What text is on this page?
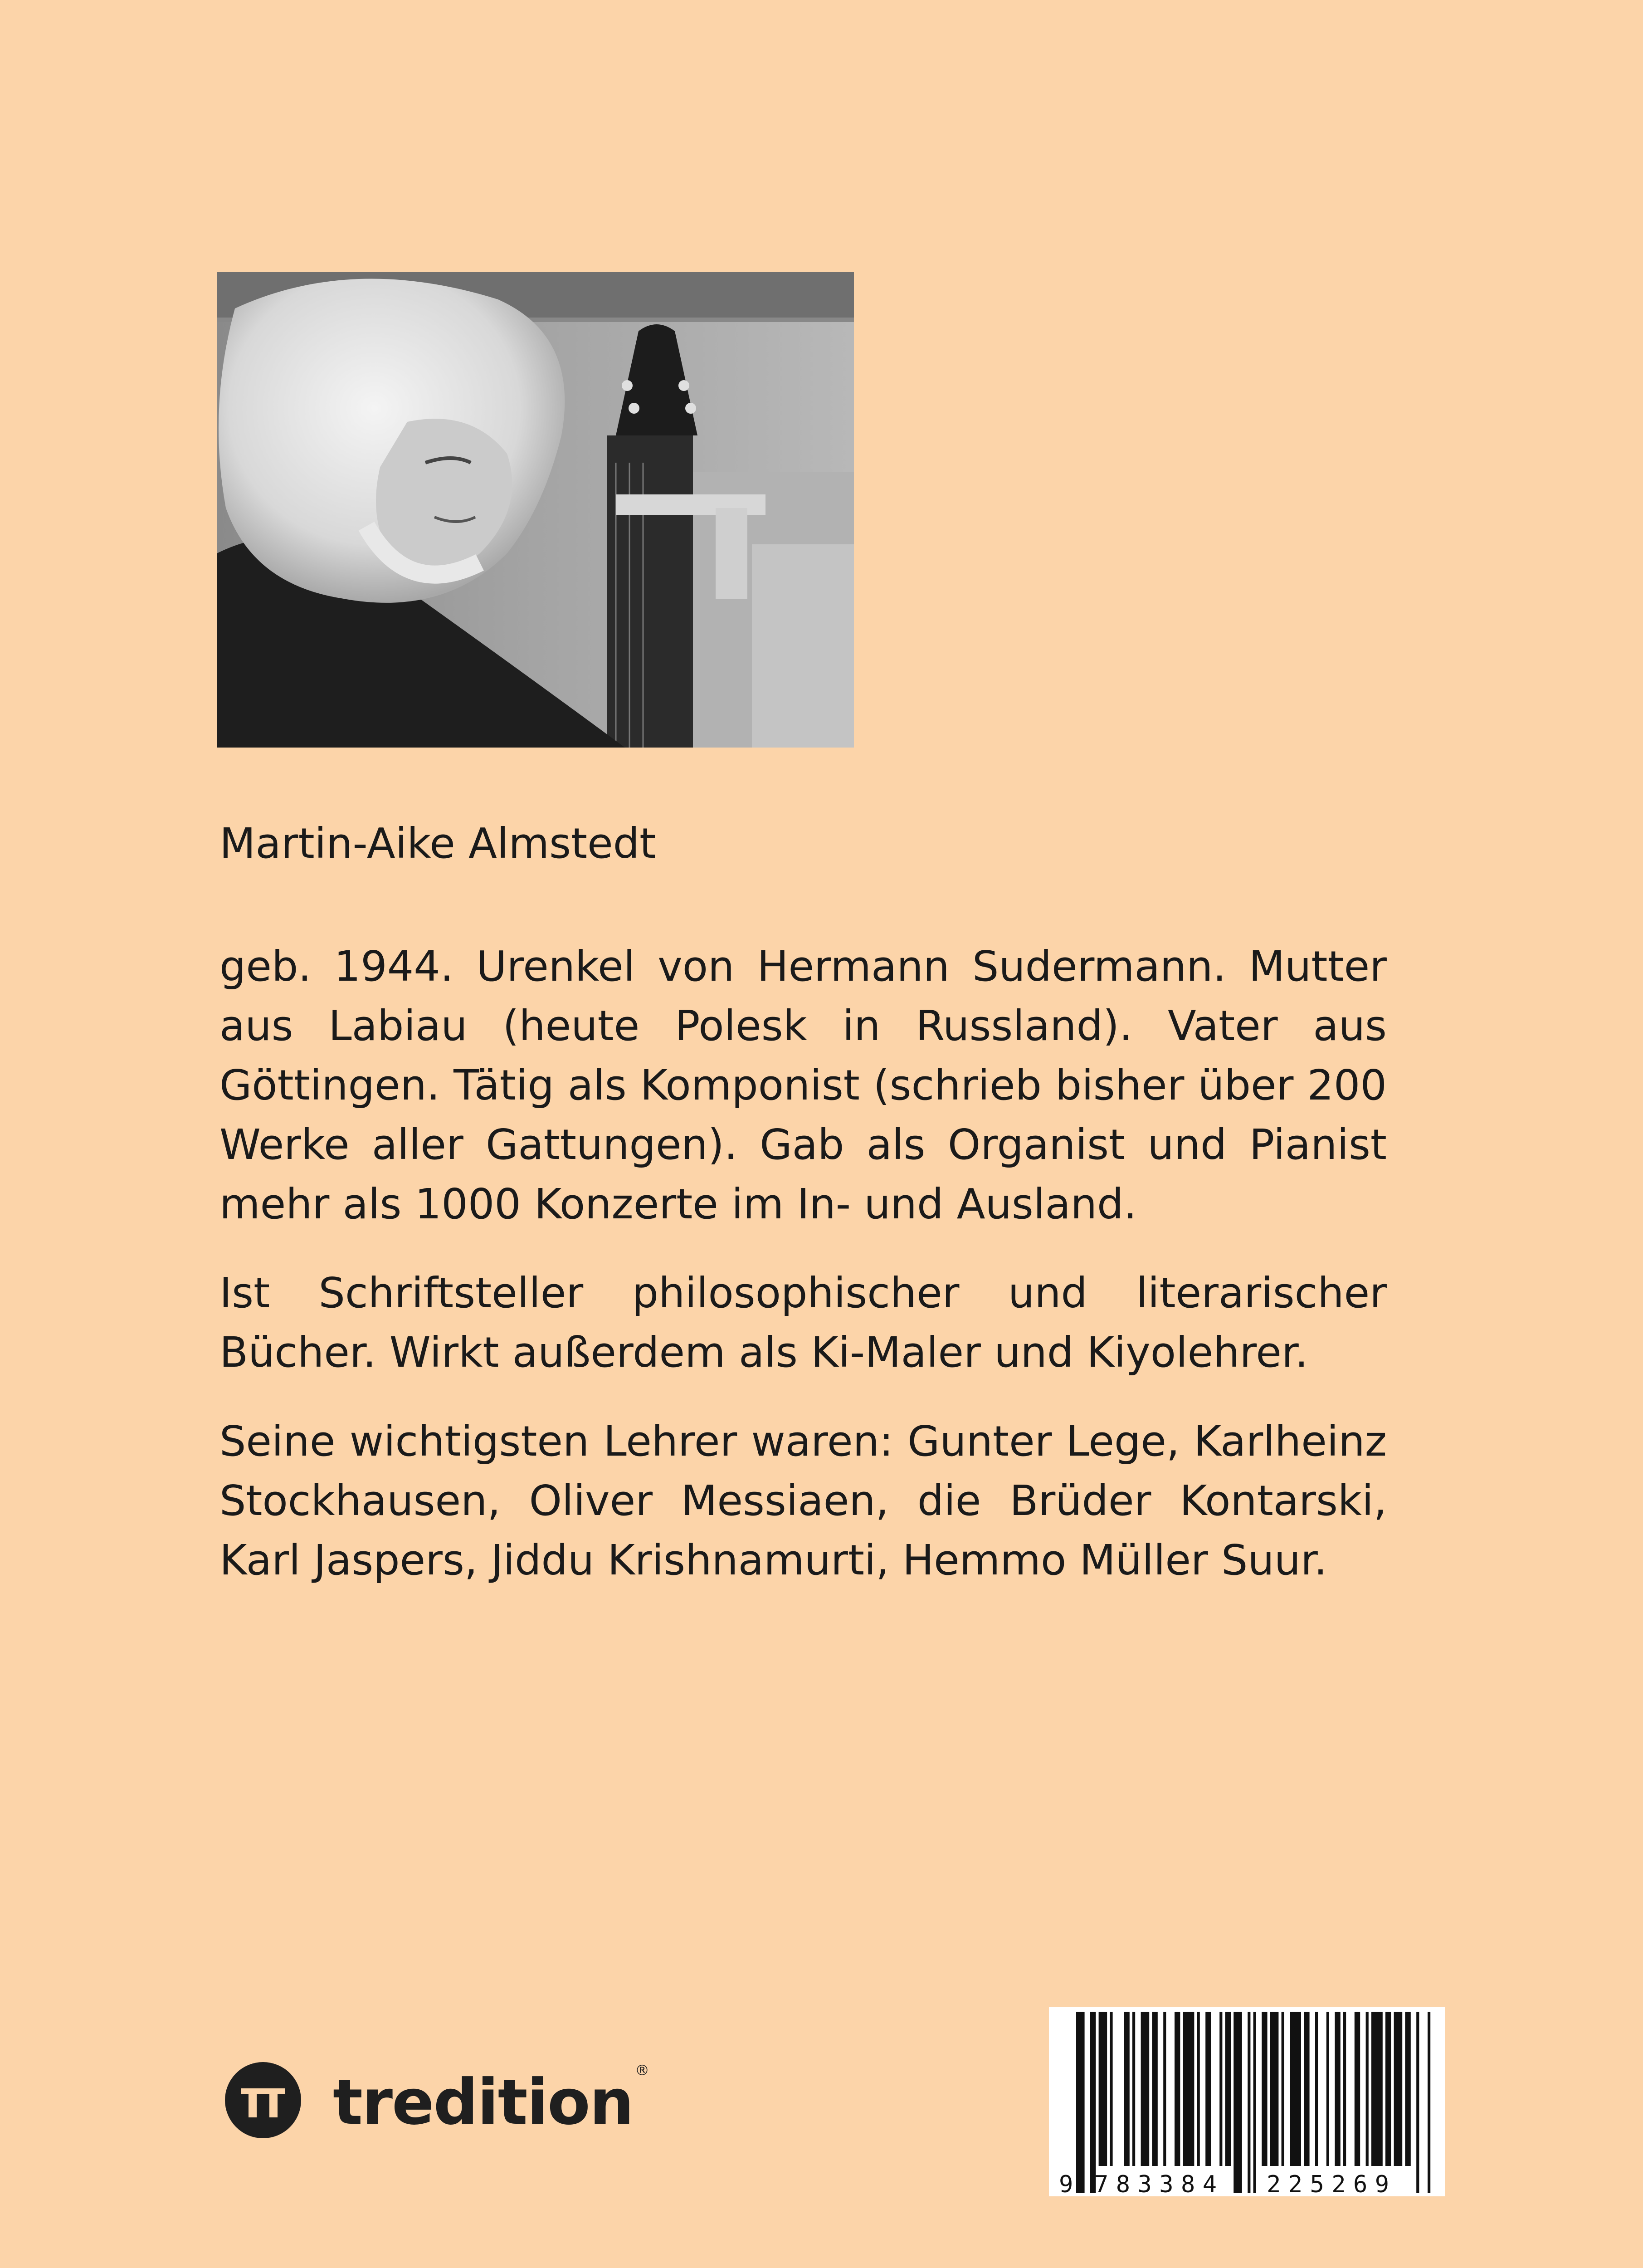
Martin-Aike Almstedt

geb. 1944. Urenkel von Hermann Sudermann. Mutter aus Labiau (heute Polesk in Russland). Vater aus Göttingen. Tätig als Komponist (schrieb bisher über 200 Werke aller Gattungen). Gab als Organist und Pianist mehr als 1000 Konzerte im In- und Ausland.

Ist Schriftsteller philosophischer und literarischer Bücher. Wirkt außerdem als Ki-Maler und Kiyolehrer.

Seine wichtigsten Lehrer waren: Gunter Lege, Karlheinz Stockhausen, Oliver Messiaen, die Brüder Kontarski, Karl Jaspers, Jiddu Krishnamurti, Hemmo Müller Suur.

tredition ®
9 783384 225269
